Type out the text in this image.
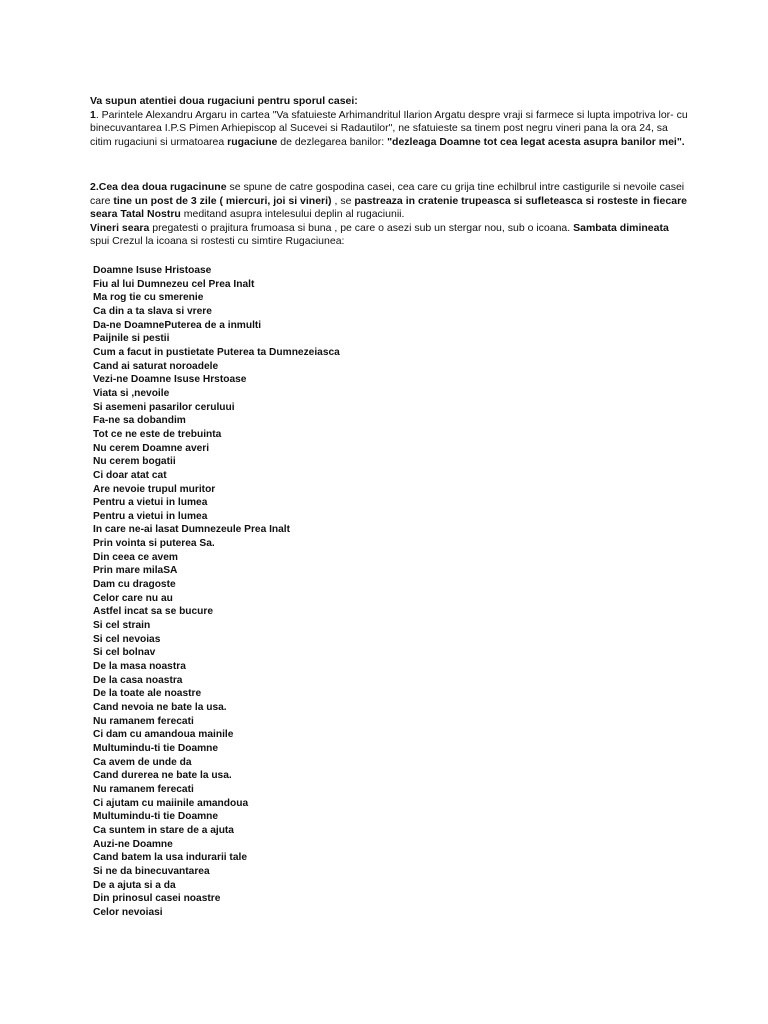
Va supun atentiei doua rugaciuni pentru sporul casei:

1. Parintele Alexandru Argaru in cartea "Va sfatuieste Arhimandritul Ilarion Argatu despre vraji si farmece si lupta impotriva lor- cu binecuvantarea I.P.S Pimen Arhiepiscop al Sucevei si Radautilor", ne sfatuieste sa tinem post negru vineri pana la ora 24, sa citim rugaciuni si urmatoarea rugaciune de dezlegarea banilor: "dezleaga Doamne tot cea legat acesta asupra banilor mei".

2.Cea dea doua rugacinune se spune de catre gospodina casei, cea care cu grija tine echilbrul intre castigurile si nevoile casei care tine un post de 3 zile ( miercuri, joi si vineri) , se pastreaza in cratenie trupeasca si sufleteasca si rosteste in fiecare seara Tatal Nostru meditand asupra intelesului deplin al rugaciunii.
Vineri seara pregatesti o prajitura frumoasa si buna , pe care o asezi sub un stergar nou, sub o icoana. Sambata dimineata spui Crezul la icoana si rostesti cu simtire Rugaciunea:

Doamne Isuse Hristoase
Fiu al lui Dumnezeu cel Prea Inalt
Ma rog tie cu smerenie
Ca din a ta slava si vrere
Da-ne DoamnePuterea de a inmulti
Paijnile si pestii
Cum a facut in pustietate Puterea ta Dumnezeiasca
Cand ai saturat noroadele
Vezi-ne Doamne Isuse Hrstoase
Viata si ,nevoile
Si asemeni pasarilor ceruluui
Fa-ne sa dobandim
Tot ce ne este de trebuinta
Nu cerem Doamne averi
Nu cerem bogatii
Ci doar atat cat
Are nevoie trupul muritor
Pentru a vietui in lumea
Pentru a vietui in lumea
In care ne-ai lasat Dumnezeule Prea Inalt
Prin vointa si puterea Sa.
Din ceea ce avem
Prin mare milaSA
Dam cu dragoste
Celor care nu au
Astfel incat sa se bucure
Si cel strain
Si cel nevoias
Si cel bolnav
De la masa noastra
De la casa noastra
De la toate ale noastre
Cand nevoia ne bate la usa.
Nu ramanem ferecati
Ci dam cu amandoua mainile
Multumindu-ti tie Doamne
Ca avem de unde da
Cand durerea ne bate la usa.
Nu ramanem ferecati
Ci ajutam cu maiinile amandoua
Multumindu-ti tie Doamne
Ca suntem in stare de a ajuta
Auzi-ne Doamne
Cand batem la usa indurarii tale
Si ne da binecuvantarea
De a ajuta si a da
Din prinosul casei noastre
Celor nevoiasi
